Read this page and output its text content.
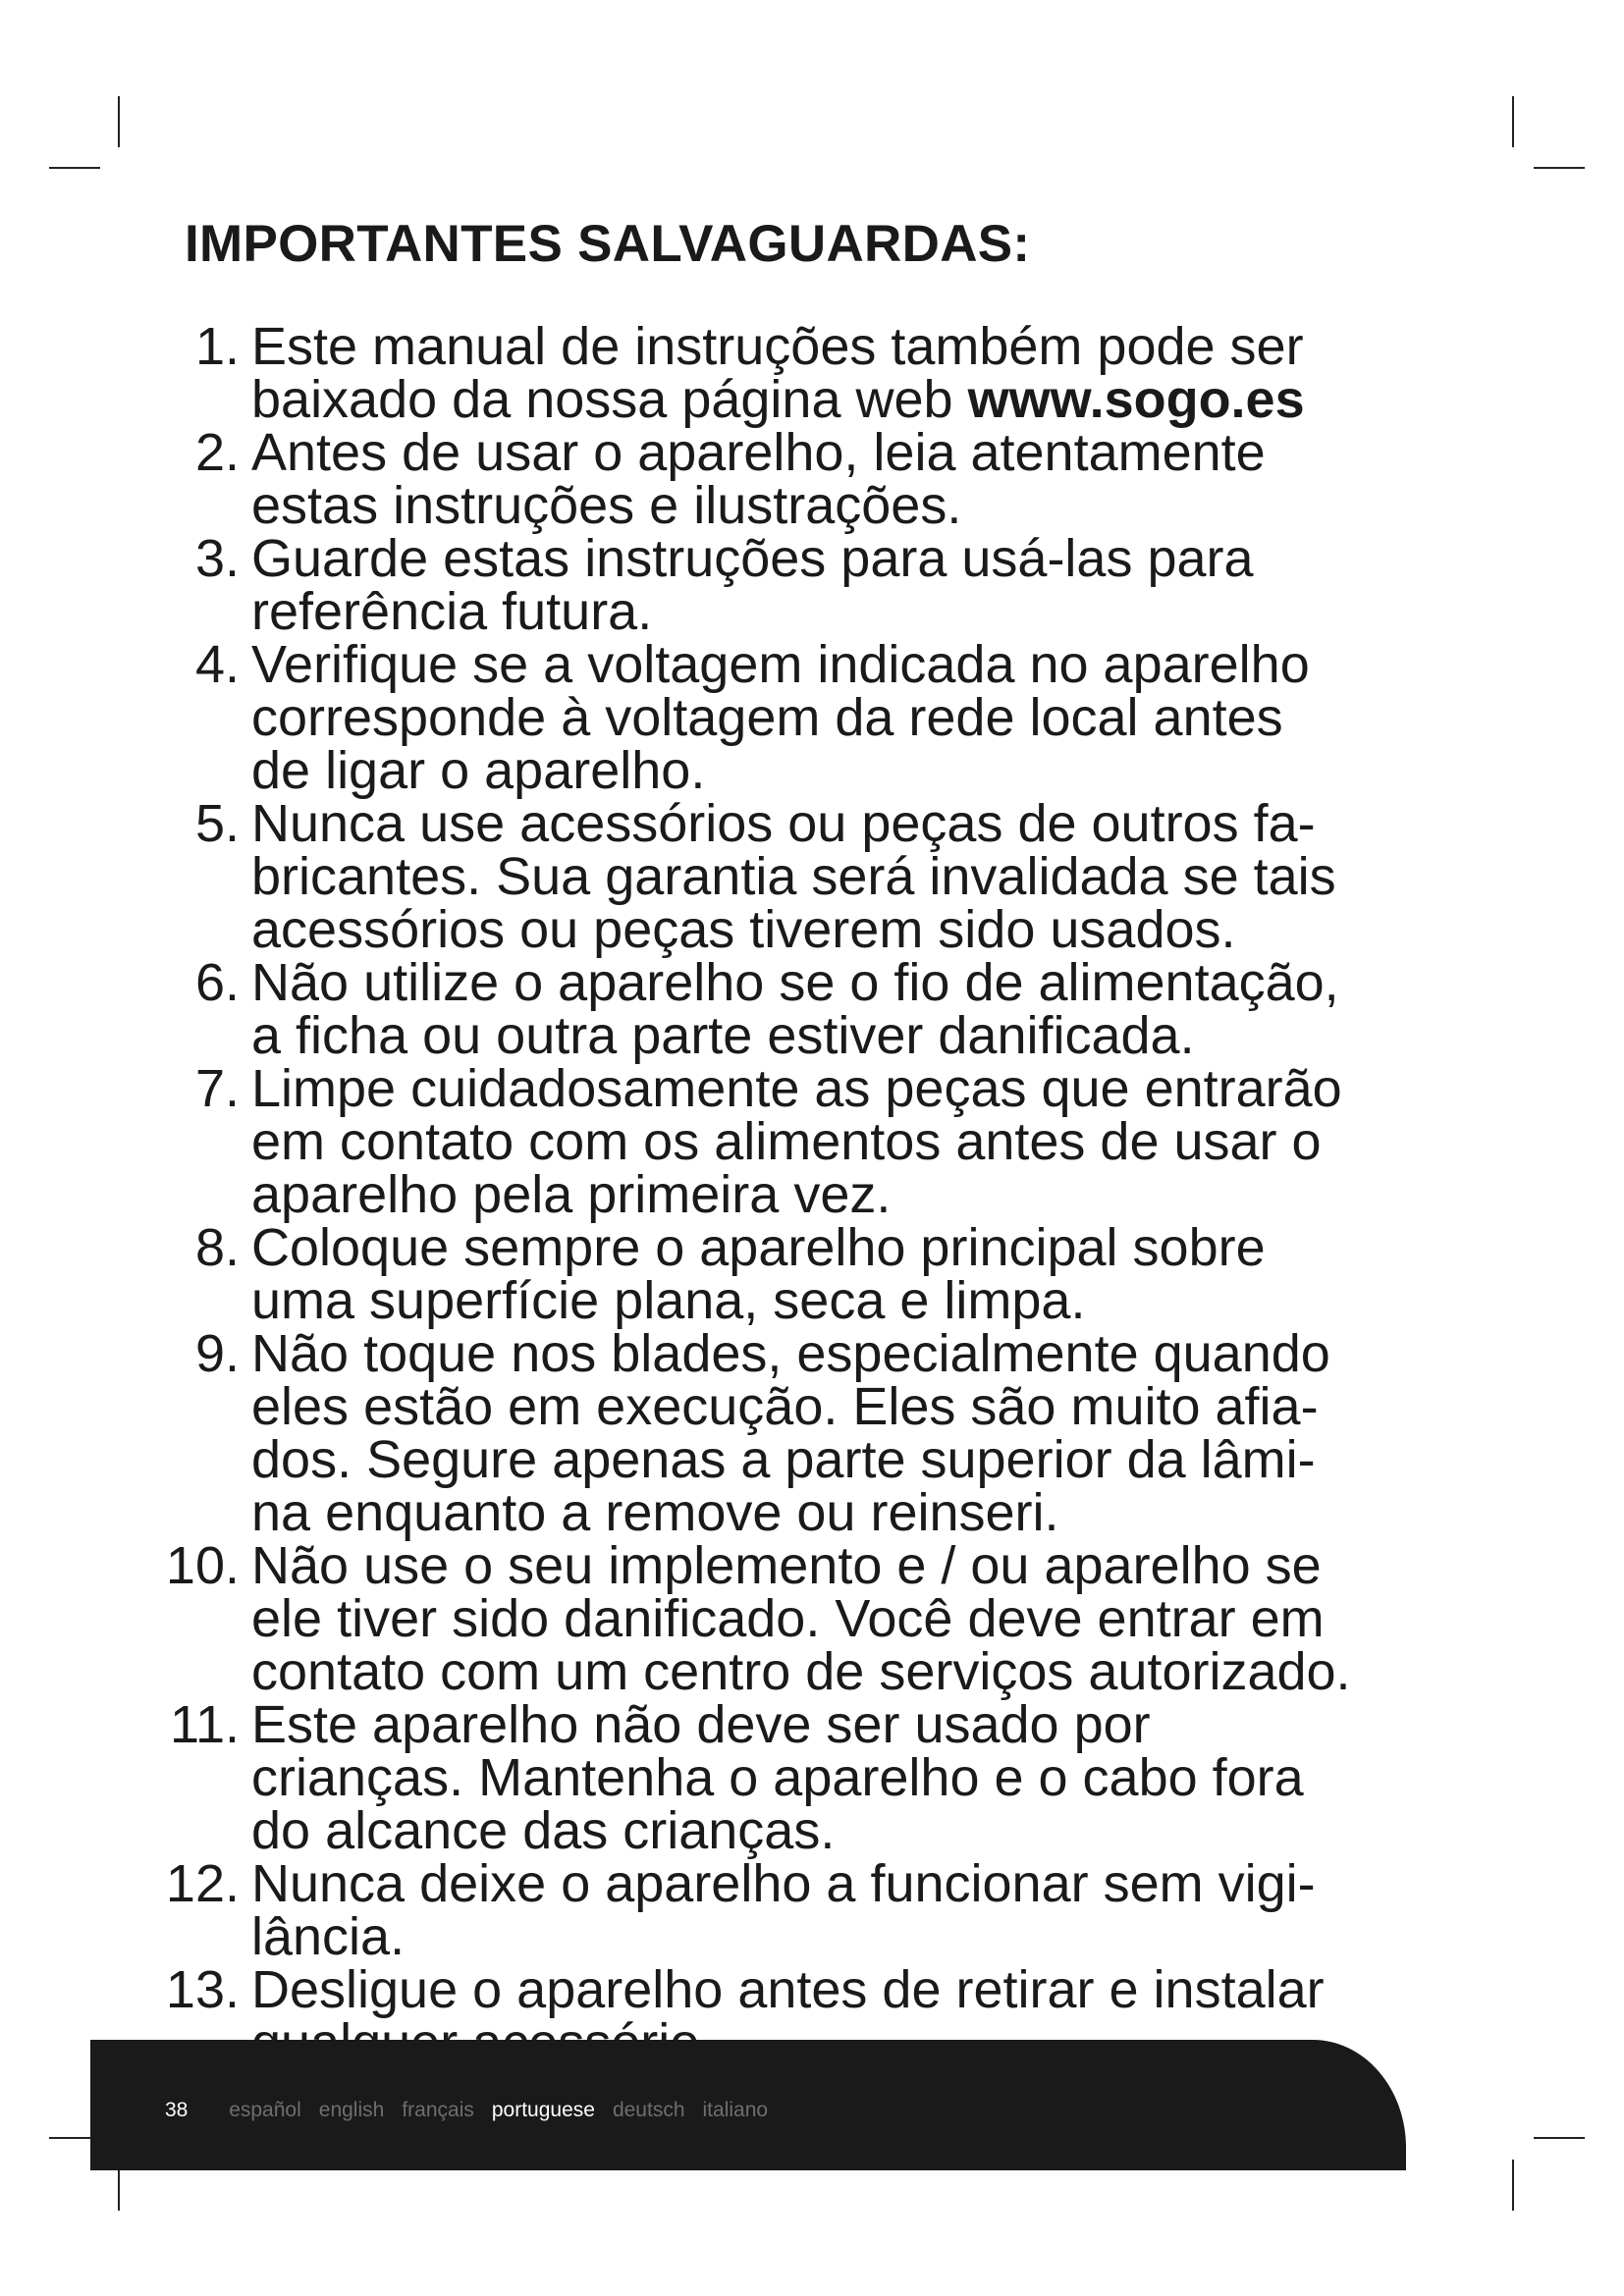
IMPORTANTES SALVAGUARDAS:
1. Este manual de instruções também pode ser
baixado da nossa página web www.sogo.es
2. Antes de usar o aparelho, leia atentamente
estas instruções e ilustrações.
3. Guarde estas instruções para usá-las para
referência futura.
4. Verifique se a voltagem indicada no aparelho
corresponde à voltagem da rede local antes
de ligar o aparelho.
5. Nunca use acessórios ou peças de outros fa-
bricantes. Sua garantia será invalidada se tais
acessórios ou peças tiverem sido usados.
6. Não utilize o aparelho se o fio de alimentação,
a ficha ou outra parte estiver danificada.
7. Limpe cuidadosamente as peças que entrarão
em contato com os alimentos antes de usar o
aparelho pela primeira vez.
8. Coloque sempre o aparelho principal sobre
uma superfície plana, seca e limpa.
9. Não toque nos blades, especialmente quando
eles estão em execução. Eles são muito afia-
dos. Segure apenas a parte superior da lâmi-
na enquanto a remove ou reinseri.
10. Não use o seu implemento e / ou aparelho se
ele tiver sido danificado. Você deve entrar em
contato com um centro de serviços autorizado.
11. Este aparelho não deve ser usado por
crianças. Mantenha o aparelho e o cabo fora
do alcance das crianças.
12. Nunca deixe o aparelho a funcionar sem vigi-
lância.
13. Desligue o aparelho antes de retirar e instalar
38 español english français portuguese deutsch italiano
